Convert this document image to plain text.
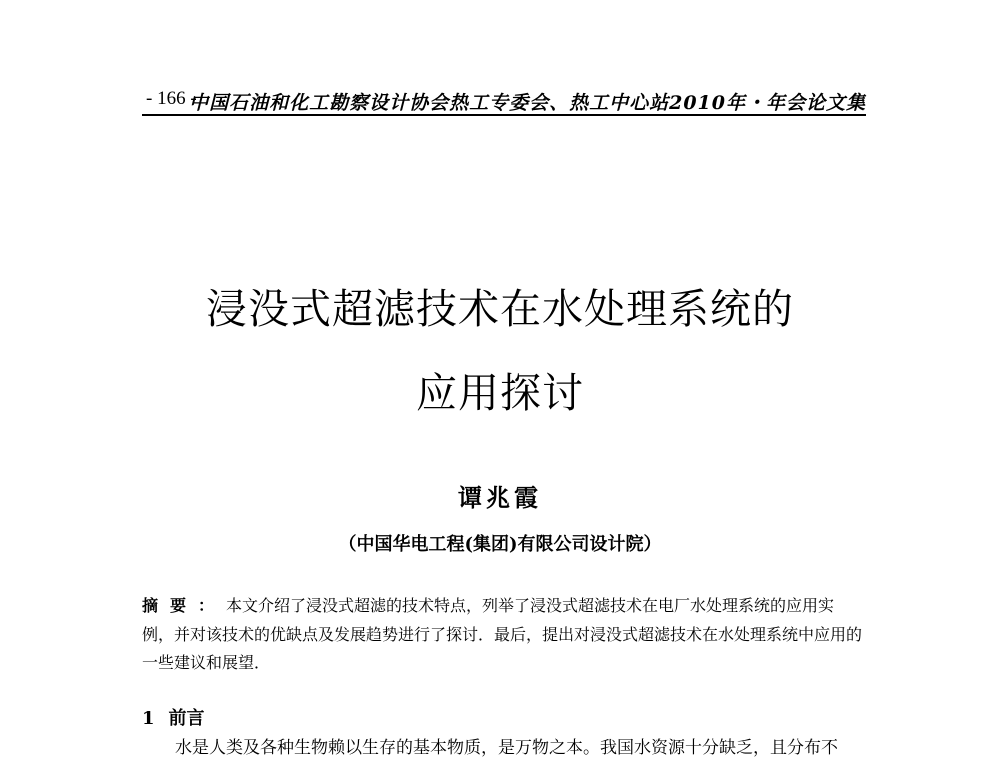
- 166 -
中国石油和化工勘察设计协会热工专委会、热工中心站2010年・年会论文集
浸没式超滤技术在水处理系统的
应用探讨
谭兆霞
（中国华电工程(集团)有限公司设计院）
摘要：本文介绍了浸没式超滤的技术特点，列举了浸没式超滤技术在电厂水处理系统的应用实例，并对该技术的优缺点及发展趋势进行了探讨．最后，提出对浸没式超滤技术在水处理系统中应用的一些建议和展望．
1 前言
水是人类及各种生物赖以生存的基本物质，是万物之本。我国水资源十分缺乏，且分布不
